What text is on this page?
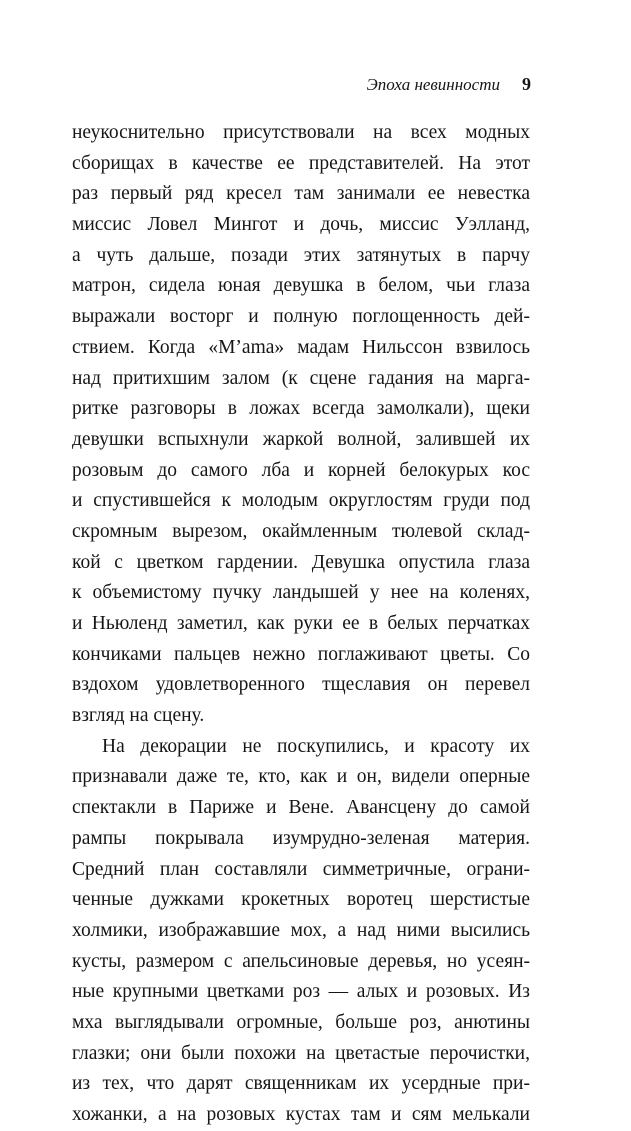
Эпоха невинности 9
неукоснительно присутствовали на всех модных
сборищах в качестве ее представителей. На этот
раз первый ряд кресел там занимали ее невестка
миссис Ловел Мингот и дочь, миссис Уэлланд,
а чуть дальше, позади этих затянутых в парчу
матрон, сидела юная девушка в белом, чьи глаза
выражали восторг и полную поглощенность дей-
ствием. Когда «M’ama» мадам Нильссон взвилось
над притихшим залом (к сцене гадания на марга-
ритке разговоры в ложах всегда замолкали), щеки
девушки вспыхнули жаркой волной, залившей их
розовым до самого лба и корней белокурых кос
и спустившейся к молодым округлостям груди под
скромным вырезом, окаймленным тюлевой склад-
кой с цветком гардении. Девушка опустила глаза
к объемистому пучку ландышей у нее на коленях,
и Ньюленд заметил, как руки ее в белых перчатках
кончиками пальцев нежно поглаживают цветы. Со
вздохом удовлетворенного тщеславия он перевел
взгляд на сцену.
На декорации не поскупились, и красоту их
признавали даже те, кто, как и он, видели оперные
спектакли в Париже и Вене. Авансцену до самой
рампы покрывала изумрудно-зеленая материя.
Средний план составляли симметричные, ограни-
ченные дужками крокетных воротец шерстистые
холмики, изображавшие мох, а над ними высились
кусты, размером с апельсиновые деревья, но усеян-
ные крупными цветками роз — алых и розовых. Из
мха выглядывали огромные, больше роз, анютины
глазки; они были похожи на цветастые перочистки,
из тех, что дарят священникам их усердные при-
хожанки, а на розовых кустах там и сям мелькали
